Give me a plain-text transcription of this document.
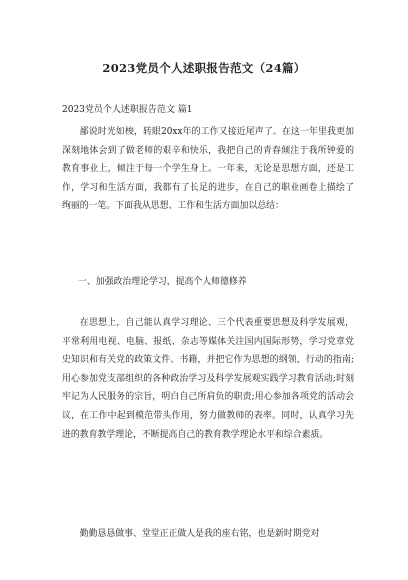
2023党员个人述职报告范文（24篇）
2023党员个人述职报告范文 篇1

鄙说时光如梭，转眼20xx年的工作又接近尾声了。在这一年里我更加深刻地体会到了做老师的艰辛和快乐，我把自己的青春倾注于我所钟爱的教育事业上，倾注于每一个学生身上。一年来，无论是思想方面，还是工作，学习和生活方面，我都有了长足的进步，在自己的职业画卷上描绘了绚丽的一笔。下面我从思想、工作和生活方面加以总结：

一、加强政治理论学习，提高个人师德修养

在思想上，自己能认真学习理论、三个代表重要思想及科学发展观，平常利用电视、电脑、报纸、杂志等媒体关注国内国际形势，学习党章党史知识和有关党的政策文件、书籍，并把它作为思想的纲领，行动的指南;用心参加党支部组织的各种政治学习及科学发展观实践学习教育活动;时刻牢记为人民服务的宗旨，明白自己所肩负的职责;用心参加各项党的活动会议，在工作中起到模范带头作用，努力做教师的表率。同时，认真学习先进的教育教学理论，不断提高自己的教育教学理论水平和综合素质。

勤勤恳恳做事、堂堂正正做人是我的座右铭，也是新时期党对
